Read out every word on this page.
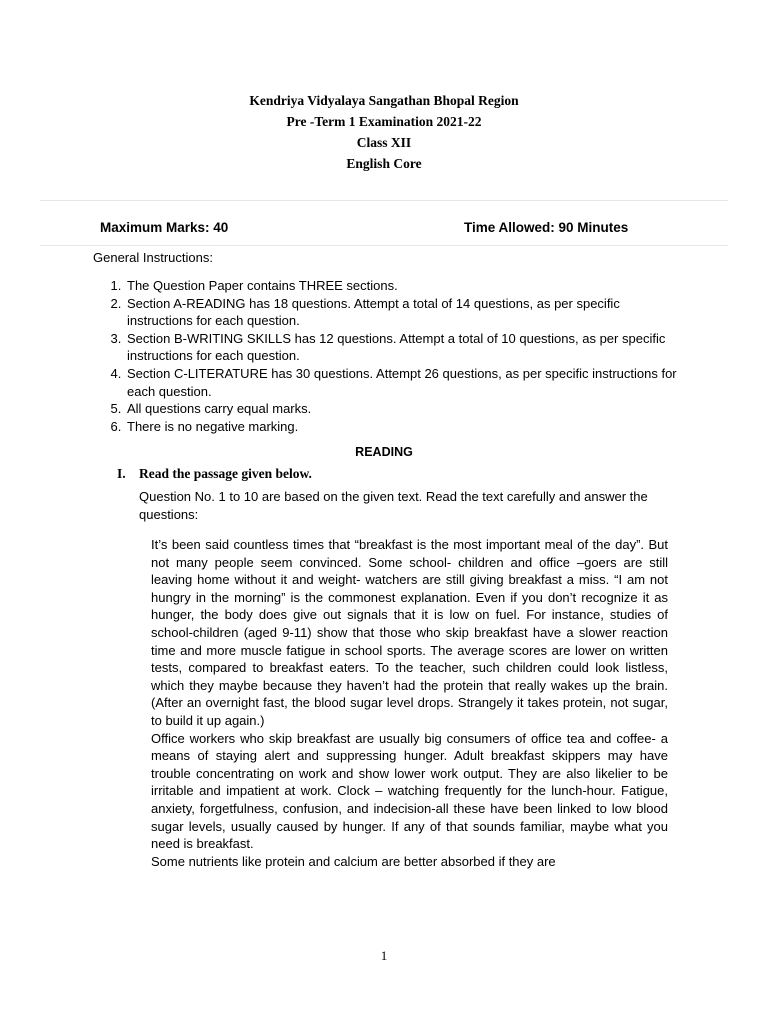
Kendriya Vidyalaya Sangathan Bhopal Region
Pre -Term 1 Examination 2021-22
Class XII
English Core
Maximum Marks: 40	Time Allowed: 90 Minutes
General Instructions:
1. The Question Paper contains THREE sections.
2. Section A-READING has 18 questions. Attempt a total of 14 questions, as per specific instructions for each question.
3. Section B-WRITING SKILLS has 12 questions. Attempt a total of 10 questions, as per specific instructions for each question.
4. Section C-LITERATURE has 30 questions. Attempt 26 questions, as per specific instructions for each question.
5. All questions carry equal marks.
6. There is no negative marking.
READING
I. Read the passage given below.
Question No. 1 to 10 are based on the given text. Read the text carefully and answer the questions:

It’s been said countless times that “breakfast is the most important meal of the day”. But not many people seem convinced. Some school- children and office –goers are still leaving home without it and weight- watchers are still giving breakfast a miss. “I am not hungry in the morning” is the commonest explanation. Even if you don’t recognize it as hunger, the body does give out signals that it is low on fuel. For instance, studies of school-children (aged 9-11) show that those who skip breakfast have a slower reaction time and more muscle fatigue in school sports. The average scores are lower on written tests, compared to breakfast eaters. To the teacher, such children could look listless, which they maybe because they haven’t had the protein that really wakes up the brain. (After an overnight fast, the blood sugar level drops. Strangely it takes protein, not sugar, to build it up again.)

Office workers who skip breakfast are usually big consumers of office tea and coffee- a means of staying alert and suppressing hunger. Adult breakfast skippers may have trouble concentrating on work and show lower work output. They are also likelier to be irritable and impatient at work. Clock – watching frequently for the lunch-hour. Fatigue, anxiety, forgetfulness, confusion, and indecision-all these have been linked to low blood sugar levels, usually caused by hunger. If any of that sounds familiar, maybe what you need is breakfast.

Some nutrients like protein and calcium are better absorbed if they are

1
